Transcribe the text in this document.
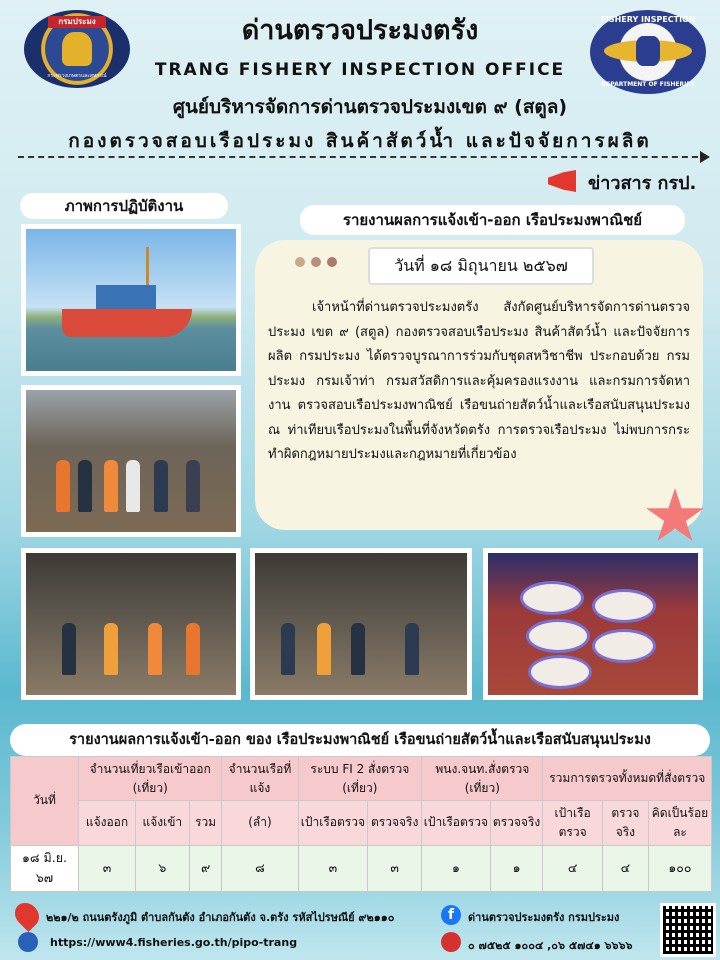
กรมประมง
กระทรวงเกษตรและสหกรณ์
FISHERY INSPECTION
DEPARTMENT OF FISHERIES
ด่านตรวจประมงตรัง
TRANG FISHERY INSPECTION OFFICE
ศูนย์บริหารจัดการด่านตรวจประมงเขต ๙ (สตูล)
กองตรวจสอบเรือประมง สินค้าสัตว์น้ำ และปัจจัยการผลิต
ข่าวสาร กรป.
ภาพการปฏิบัติงาน
รายงานผลการแจ้งเข้า-ออก เรือประมงพาณิชย์
วันที่ ๑๘ มิถุนายน ๒๕๖๗
เจ้าหน้าที่ด่านตรวจประมงตรัง สังกัดศูนย์บริหารจัดการด่านตรวจประมง เขต ๙ (สตูล) กองตรวจสอบเรือประมง สินค้าสัตว์น้ำ และปัจจัยการผลิต กรมประมง ได้ตรวจบูรณาการร่วมกับชุดสหวิชาชีพ ประกอบด้วย กรมประมง กรมเจ้าท่า กรมสวัสดิการและคุ้มครองแรงงาน และกรมการจัดหางาน ตรวจสอบเรือประมงพาณิชย์ เรือขนถ่ายสัตว์น้ำและเรือสนับสนุนประมง ณ ท่าเทียบเรือประมงในพื้นที่จังหวัดตรัง การตรวจเรือประมง ไม่พบการกระทำผิดกฎหมายประมงและกฎหมายที่เกี่ยวข้อง
รายงานผลการแจ้งเข้า-ออก ของ เรือประมงพาณิชย์ เรือขนถ่ายสัตว์น้ำและเรือสนับสนุนประมง
วันที่	จำนวนเที่ยวเรือเข้าออก (เที่ยว)			จำนวนเรือที่แจ้ง	ระบบ FI 2 สั่งตรวจ (เที่ยว)		พนง.จนท.สั่งตรวจ (เที่ยว)		รวมการตรวจทั้งหมดที่สั่งตรวจ		
	แจ้งออก	แจ้งเข้า	รวม	(ลำ)	เป้าเรือตรวจ	ตรวจจริง	เป้าเรือตรวจ	ตรวจจริง	เป้าเรือตรวจ	ตรวจจริง	คิดเป็นร้อยละ
๑๘ มิ.ย. ๖๗	๓	๖	๙	๘	๓	๓	๑	๑	๔	๔	๑๐๐
๒๒๑/๒ ถนนตรังภูมิ ตำบลกันตัง อำเภอกันตัง จ.ตรัง รหัสไปรษณีย์ ๙๒๑๑๐	f	ด่านตรวจประมงตรัง กรมประมง
https://www4.fisheries.go.th/pipo-trang	๐ ๗๕๒๕ ๑๐๐๔ ,๐๖ ๕๗๔๑ ๖๖๖๖
